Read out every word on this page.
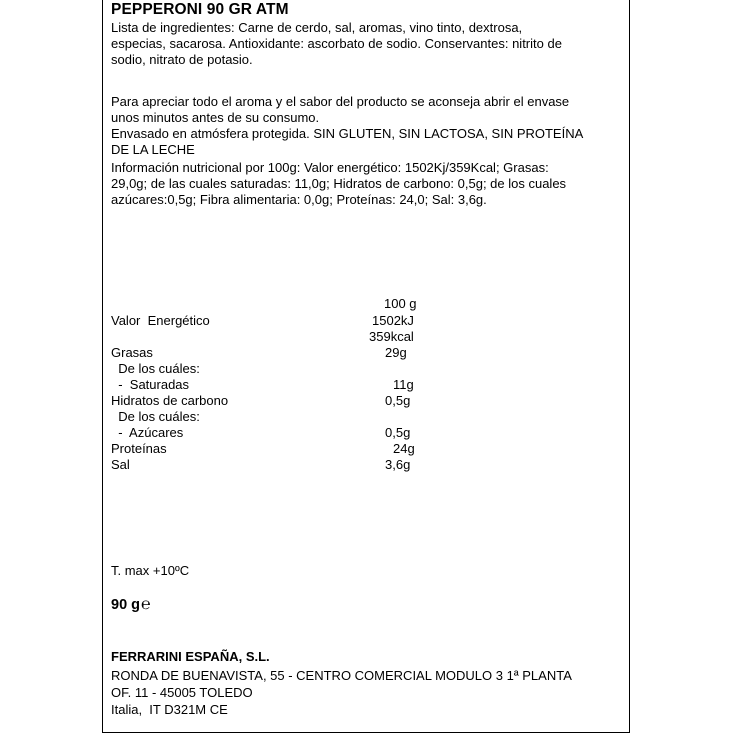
PEPPERONI 90 GR ATM
Lista de ingredientes: Carne de cerdo, sal, aromas, vino tinto, dextrosa,
especias, sacarosa. Antioxidante: ascorbato de sodio. Conservantes: nitrito de
sodio, nitrato de potasio.
Para apreciar todo el aroma y el sabor del producto se aconseja abrir el envase
unos minutos antes de su consumo.
Envasado en atmósfera protegida. SIN GLUTEN, SIN LACTOSA, SIN PROTEÍNA
DE LA LECHE
Información nutricional por 100g: Valor energético: 1502Kj/359Kcal; Grasas:
29,0g; de las cuales saturadas: 11,0g; Hidratos de carbono: 0,5g; de los cuales
azúcares:0,5g; Fibra alimentaria: 0,0g; Proteínas: 24,0; Sal: 3,6g.
100 g
Valor  Energético	1502kJ
359kcal
Grasas	29g
De los cuáles:
-  Saturadas	11g
Hidratos de carbono	0,5g
De los cuáles:
-  Azúcares	0,5g
Proteínas	24g
Sal	3,6g
T. max +10ºC
90 g℮
FERRARINI ESPAÑA, S.L.
RONDA DE BUENAVISTA, 55 - CENTRO COMERCIAL MODULO 3 1ª PLANTA
OF. 11 - 45005 TOLEDO
Italia,  IT D321M CE
